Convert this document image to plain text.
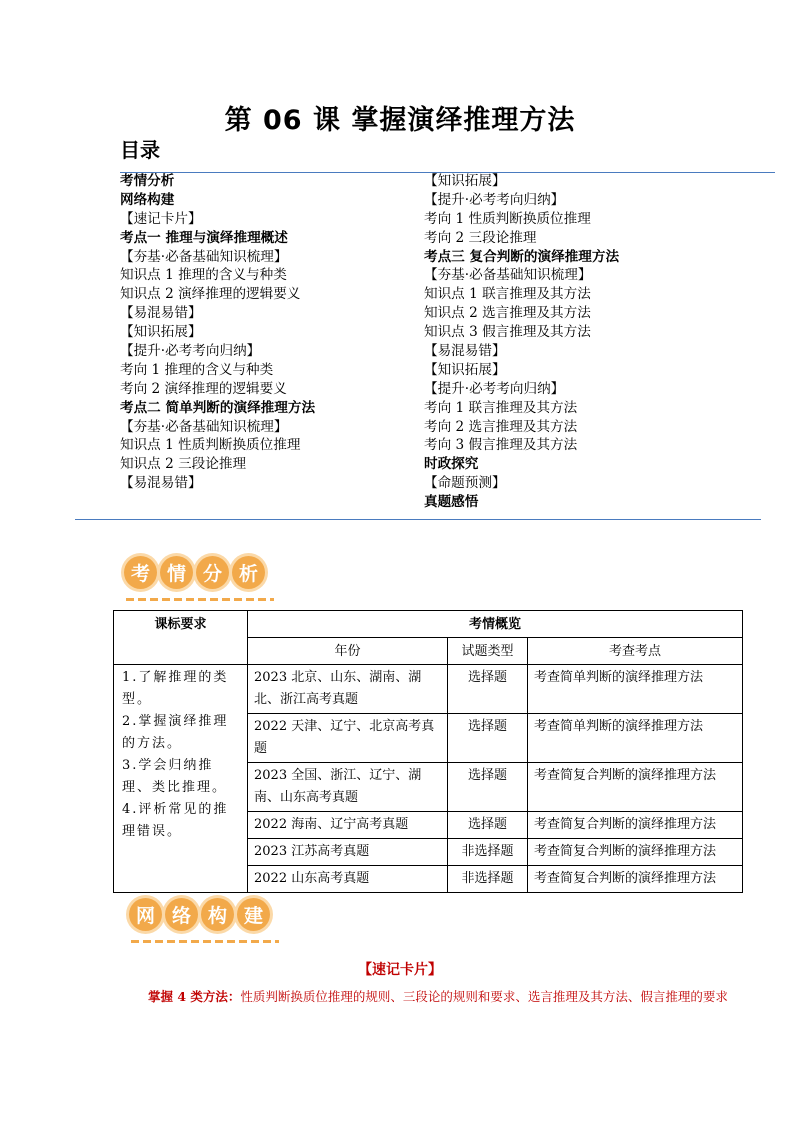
第 06 课 掌握演绎推理方法
目录
考情分析
网络构建
【速记卡片】
考点一 推理与演绎推理概述
【夯基·必备基础知识梳理】
知识点 1 推理的含义与种类
知识点 2 演绎推理的逻辑要义
【易混易错】
【知识拓展】
【提升·必考考向归纳】
考向 1 推理的含义与种类
考向 2 演绎推理的逻辑要义
考点二 简单判断的演绎推理方法
【夯基·必备基础知识梳理】
知识点 1 性质判断换质位推理
知识点 2 三段论推理
【易混易错】
【知识拓展】
【提升·必考考向归纳】
考向 1 性质判断换质位推理
考向 2 三段论推理
考点三 复合判断的演绎推理方法
【夯基·必备基础知识梳理】
知识点 1 联言推理及其方法
知识点 2 选言推理及其方法
知识点 3 假言推理及其方法
【易混易错】
【知识拓展】
【提升·必考考向归纳】
考向 1 联言推理及其方法
考向 2 选言推理及其方法
考向 3 假言推理及其方法
时政探究
【命题预测】
真题感悟
考 情 分 析
课标要求	考情概览		
	年份	试题类型	考查考点

1.了解推理的类型。
2.掌握演绎推理的方法。
3.学会归纳推理、类比推理。
4.评析常见的推理错误。	2023 北京、山东、湖南、湖北、浙江高考真题	选择题	考查简单判断的演绎推理方法
	2022 天津、辽宁、北京高考真题	选择题	考查简单判断的演绎推理方法
	2023 全国、浙江、辽宁、湖南、山东高考真题	选择题	考查简复合判断的演绎推理方法
	2022 海南、辽宁高考真题	选择题	考查简复合判断的演绎推理方法
	2023 江苏高考真题	非选择题	考查简复合判断的演绎推理方法
	2022 山东高考真题	非选择题	考查简复合判断的演绎推理方法
网 络 构 建
【速记卡片】
掌握 4 类方法：性质判断换质位推理的规则、三段论的规则和要求、选言推理及其方法、假言推理的要求
